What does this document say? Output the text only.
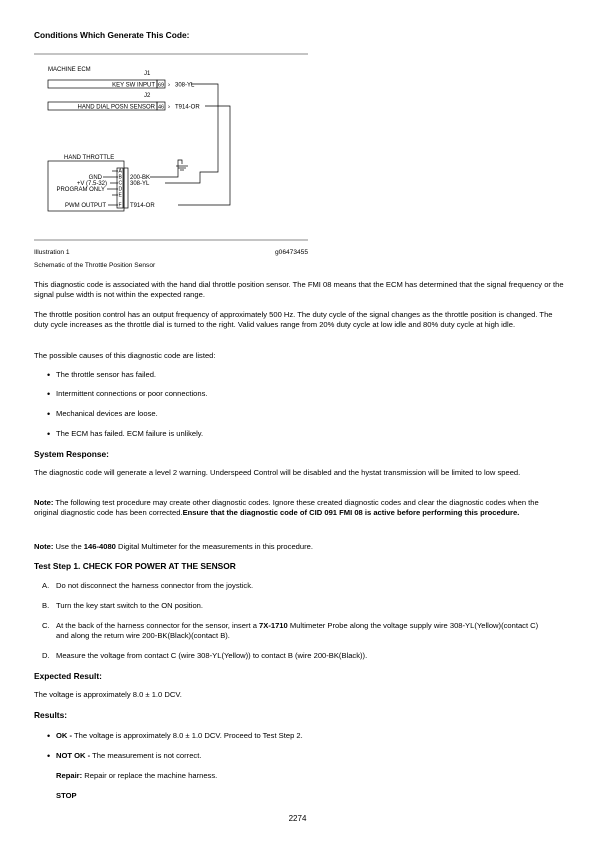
Conditions Which Generate This Code:
MACHINE ECM
J1
J2
KEY SW INPUT 69 › 308-YL
HAND DIAL POSN SENSOR 46 › T914-OR
HAND THROTTLE
GND
+V (7.5-32)
PROGRAM ONLY
PWM OUTPUT
A
B
C
D
E
F
200-BK
308-YL
T914-OR
Illustration 1	g06473455
Schematic of the Throttle Position Sensor
This diagnostic code is associated with the hand dial throttle position sensor. The FMI 08 means that the ECM has determined that the signal frequency or the signal pulse width is not within the expected range.
The throttle position control has an output frequency of approximately 500 Hz. The duty cycle of the signal changes as the throttle position is changed. The duty cycle increases as the throttle dial is turned to the right. Valid values range from 20% duty cycle at low idle and 80% duty cycle at high idle.
The possible causes of this diagnostic code are listed:
• The throttle sensor has failed.
• Intermittent connections or poor connections.
• Mechanical devices are loose.
• The ECM has failed. ECM failure is unlikely.
System Response:
The diagnostic code will generate a level 2 warning. Underspeed Control will be disabled and the hystat transmission will be limited to low speed.
Note: The following test procedure may create other diagnostic codes. Ignore these created diagnostic codes and clear the diagnostic codes when the original diagnostic code has been corrected.Ensure that the diagnostic code of CID 091 FMI 08 is active before performing this procedure.
Note: Use the 146-4080 Digital Multimeter for the measurements in this procedure.
Test Step 1. CHECK FOR POWER AT THE SENSOR
A. Do not disconnect the harness connector from the joystick.
B. Turn the key start switch to the ON position.
C. At the back of the harness connector for the sensor, insert a 7X-1710 Multimeter Probe along the voltage supply wire 308-YL(Yellow)(contact C) and along the return wire 200-BK(Black)(contact B).
D. Measure the voltage from contact C (wire 308-YL(Yellow)) to contact B (wire 200-BK(Black)).
Expected Result:
The voltage is approximately 8.0 ± 1.0 DCV.
Results:
• OK - The voltage is approximately 8.0 ± 1.0 DCV. Proceed to Test Step 2.
• NOT OK - The measurement is not correct.
Repair: Repair or replace the machine harness.
STOP
2274
